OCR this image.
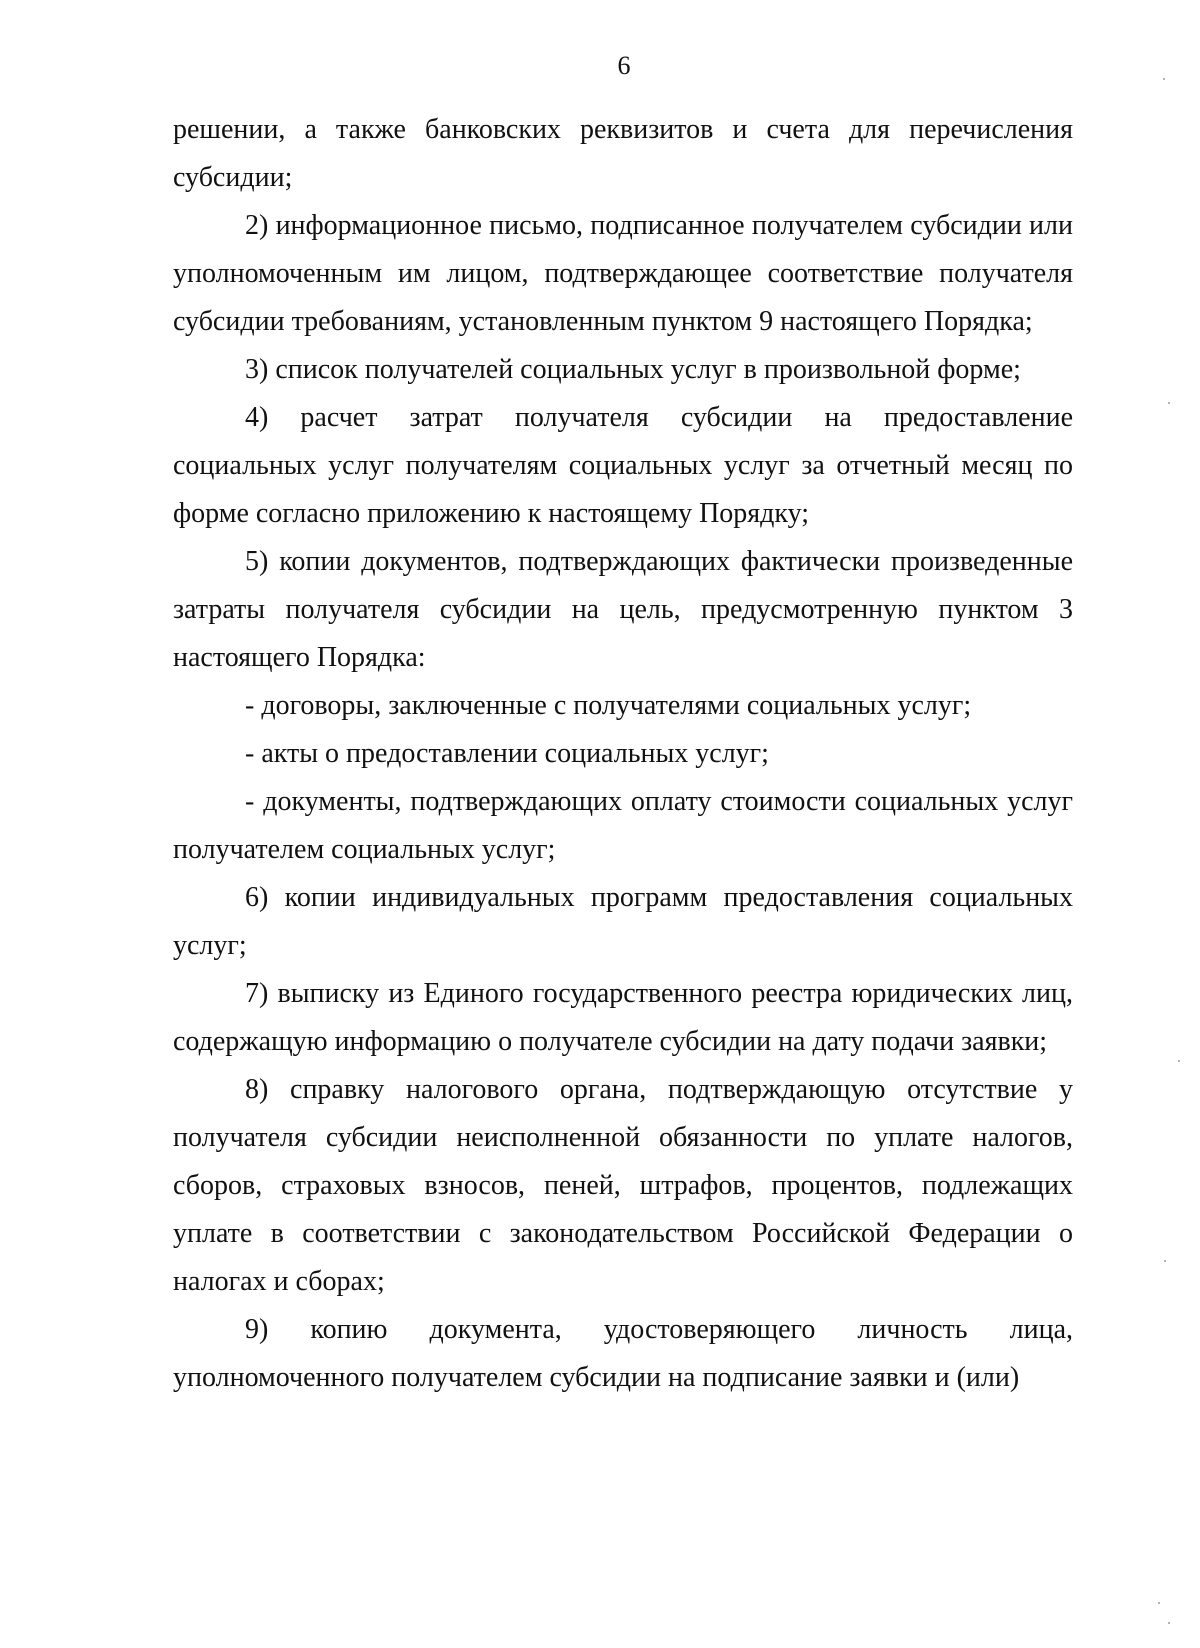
6

решении, а также банковских реквизитов и счета для перечисления субсидии;

2) информационное письмо, подписанное получателем субсидии или уполномоченным им лицом, подтверждающее соответствие получателя субсидии требованиям, установленным пунктом 9 настоящего Порядка;

3) список получателей социальных услуг в произвольной форме;

4) расчет затрат получателя субсидии на предоставление социальных услуг получателям социальных услуг за отчетный месяц по форме согласно приложению к настоящему Порядку;

5) копии документов, подтверждающих фактически произведенные затраты получателя субсидии на цель, предусмотренную пунктом 3 настоящего Порядка:

- договоры, заключенные с получателями социальных услуг;

- акты о предоставлении социальных услуг;

- документы, подтверждающих оплату стоимости социальных услуг получателем социальных услуг;

6) копии индивидуальных программ предоставления социальных услуг;

7) выписку из Единого государственного реестра юридических лиц, содержащую информацию о получателе субсидии на дату подачи заявки;

8) справку налогового органа, подтверждающую отсутствие у получателя субсидии неисполненной обязанности по уплате налогов, сборов, страховых взносов, пеней, штрафов, процентов, подлежащих уплате в соответствии с законодательством Российской Федерации о налогах и сборах;

9) копию документа, удостоверяющего личность лица, уполномоченного получателем субсидии на подписание заявки и (или)
